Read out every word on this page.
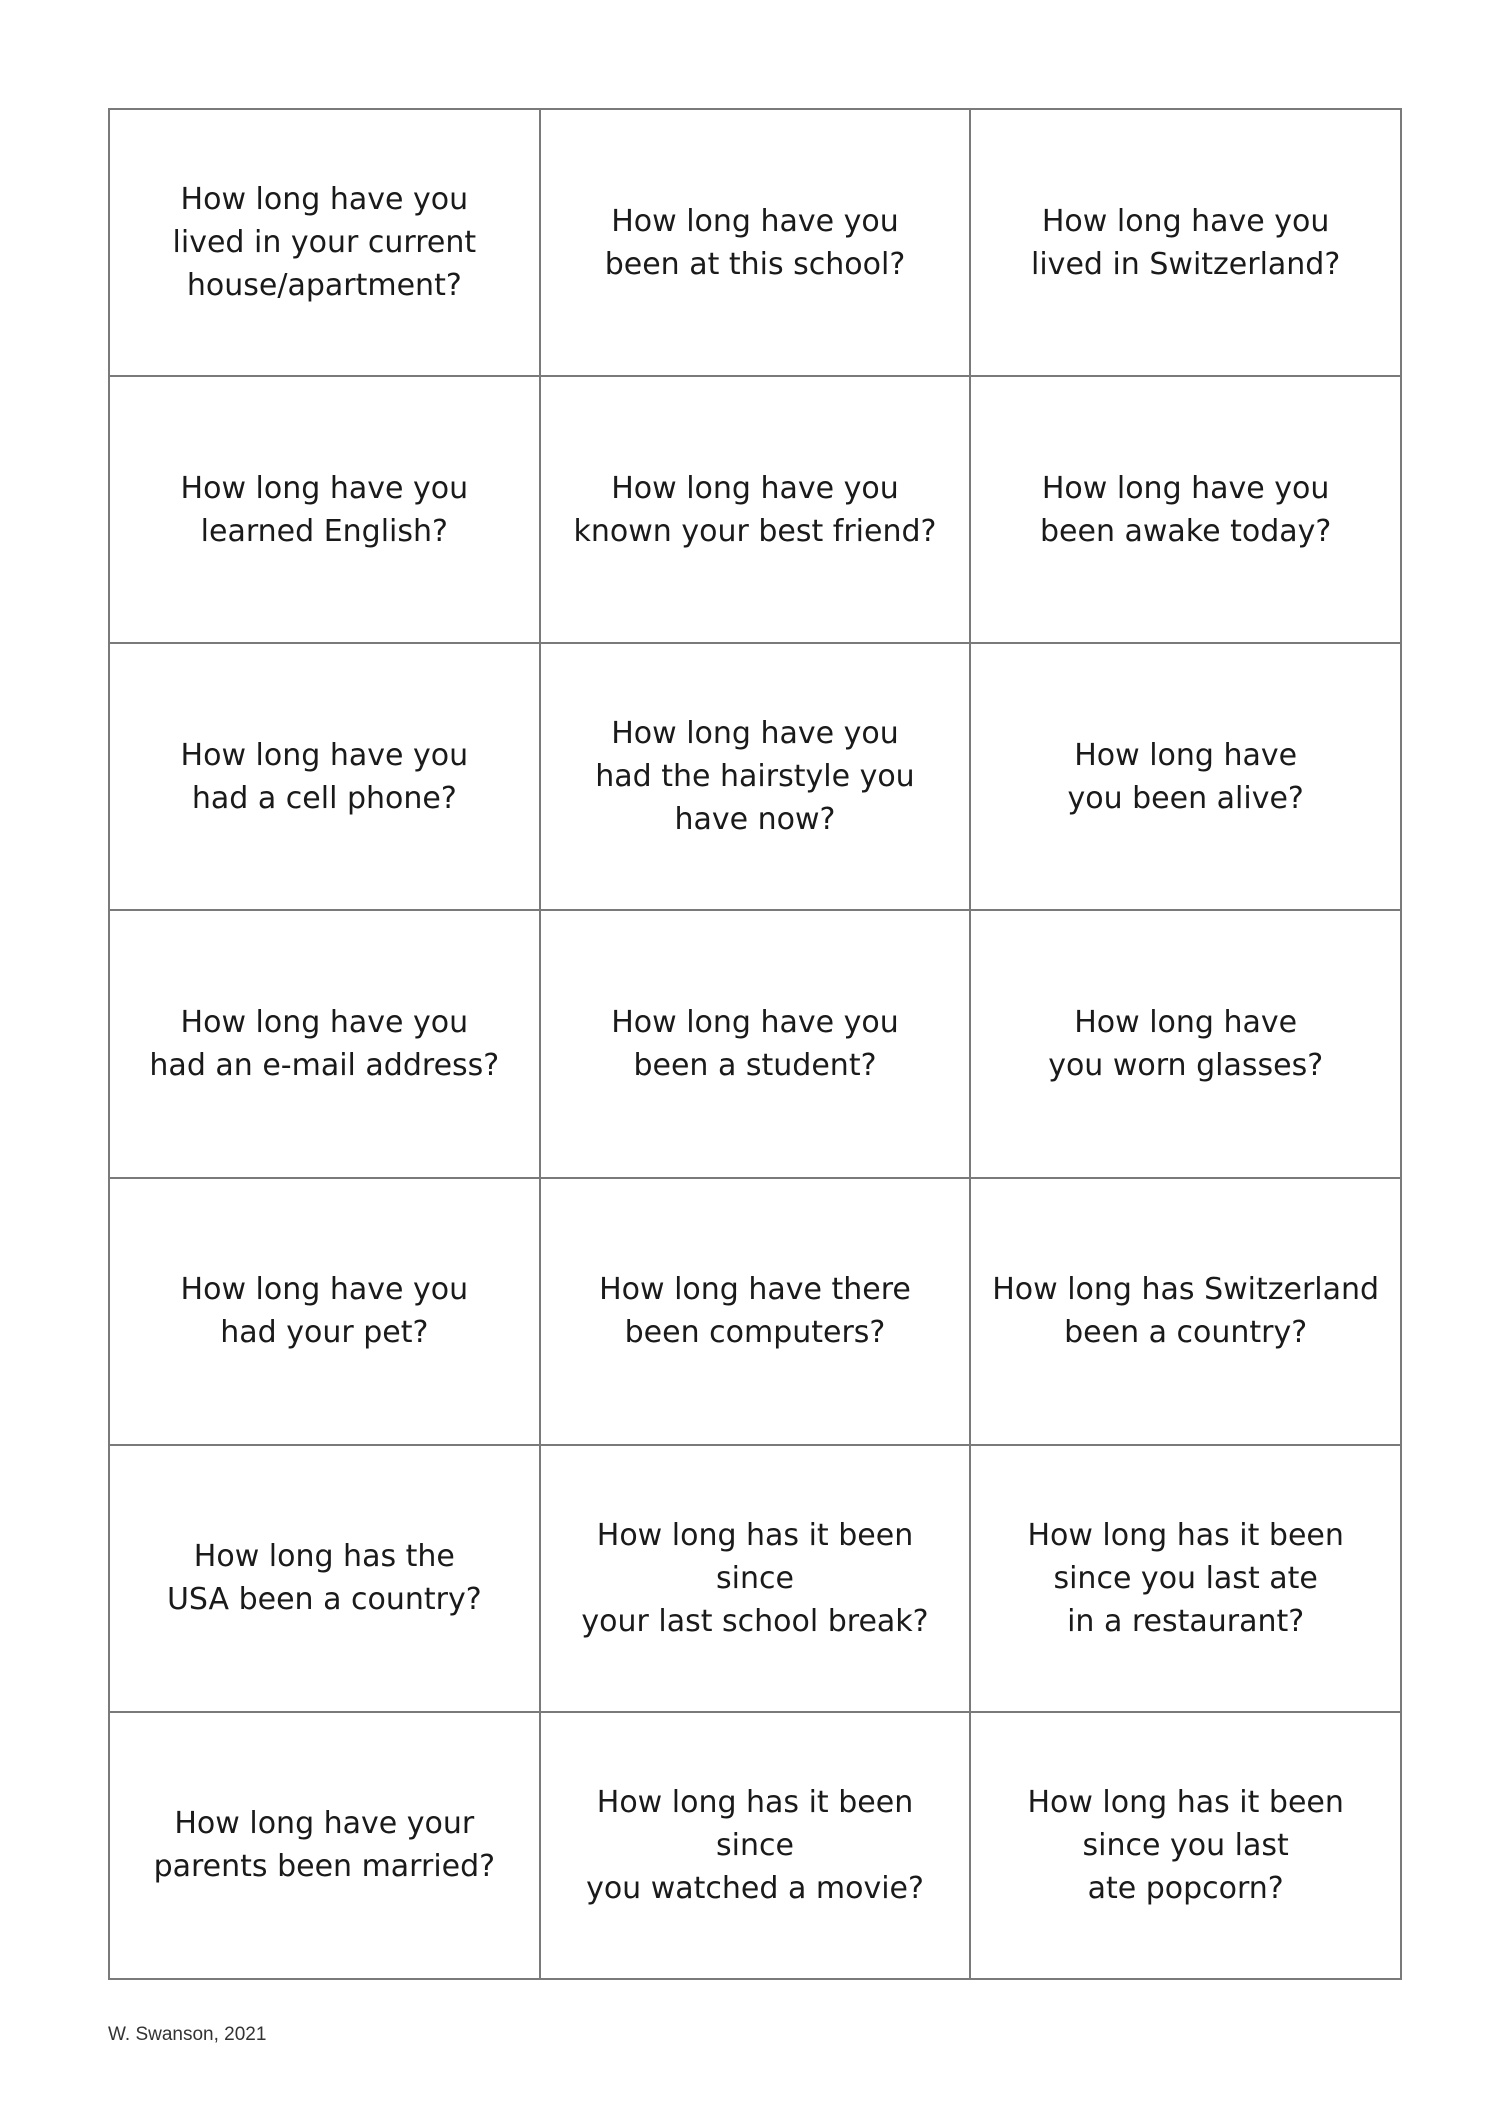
How long have you
lived in your current
house/apartment?
How long have you
been at this school?
How long have you
lived in Switzerland?
How long have you
learned English?
How long have you
known your best friend?
How long have you
been awake today?
How long have you
had a cell phone?
How long have you
had the hairstyle you
have now?
How long have
you been alive?
How long have you
had an e-mail address?
How long have you
been a student?
How long have
you worn glasses?
How long have you
had your pet?
How long have there
been computers?
How long has Switzerland
been a country?
How long has the
USA been a country?
How long has it been since
your last school break?
How long has it been
since you last ate
in a restaurant?
How long have your
parents been married?
How long has it been since
you watched a movie?
How long has it been
since you last
ate popcorn?
W. Swanson, 2021
